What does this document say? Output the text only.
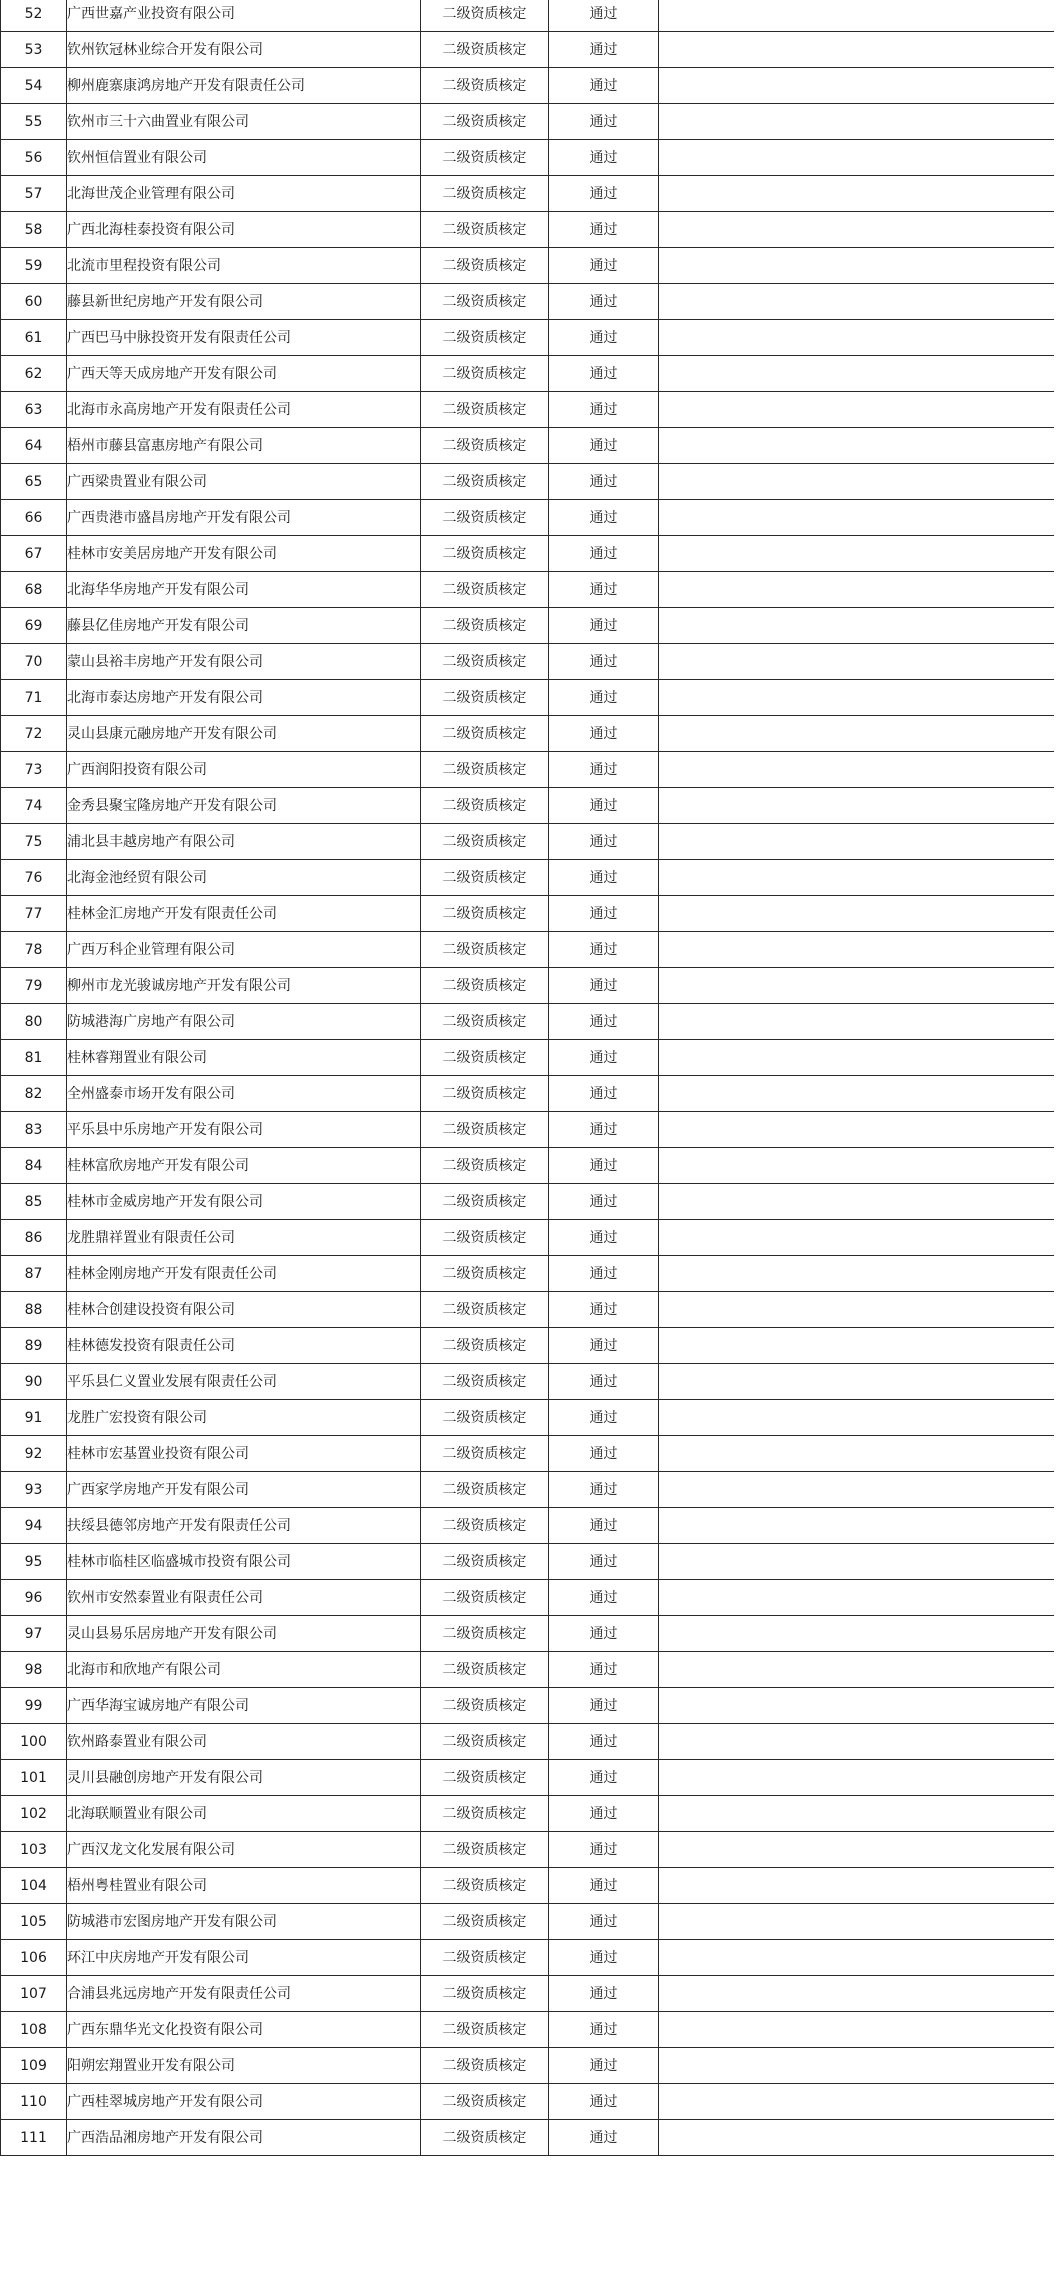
52	广西世嘉产业投资有限公司	二级资质核定	通过	
53	钦州钦冠林业综合开发有限公司	二级资质核定	通过	
54	柳州鹿寨康鸿房地产开发有限责任公司	二级资质核定	通过	
55	钦州市三十六曲置业有限公司	二级资质核定	通过	
56	钦州恒信置业有限公司	二级资质核定	通过	
57	北海世茂企业管理有限公司	二级资质核定	通过	
58	广西北海桂泰投资有限公司	二级资质核定	通过	
59	北流市里程投资有限公司	二级资质核定	通过	
60	藤县新世纪房地产开发有限公司	二级资质核定	通过	
61	广西巴马中脉投资开发有限责任公司	二级资质核定	通过	
62	广西天等天成房地产开发有限公司	二级资质核定	通过	
63	北海市永高房地产开发有限责任公司	二级资质核定	通过	
64	梧州市藤县富惠房地产有限公司	二级资质核定	通过	
65	广西梁贵置业有限公司	二级资质核定	通过	
66	广西贵港市盛昌房地产开发有限公司	二级资质核定	通过	
67	桂林市安美居房地产开发有限公司	二级资质核定	通过	
68	北海华华房地产开发有限公司	二级资质核定	通过	
69	藤县亿佳房地产开发有限公司	二级资质核定	通过	
70	蒙山县裕丰房地产开发有限公司	二级资质核定	通过	
71	北海市泰达房地产开发有限公司	二级资质核定	通过	
72	灵山县康元融房地产开发有限公司	二级资质核定	通过	
73	广西润阳投资有限公司	二级资质核定	通过	
74	金秀县聚宝隆房地产开发有限公司	二级资质核定	通过	
75	浦北县丰越房地产有限公司	二级资质核定	通过	
76	北海金池经贸有限公司	二级资质核定	通过	
77	桂林金汇房地产开发有限责任公司	二级资质核定	通过	
78	广西万科企业管理有限公司	二级资质核定	通过	
79	柳州市龙光骏诚房地产开发有限公司	二级资质核定	通过	
80	防城港海广房地产有限公司	二级资质核定	通过	
81	桂林睿翔置业有限公司	二级资质核定	通过	
82	全州盛泰市场开发有限公司	二级资质核定	通过	
83	平乐县中乐房地产开发有限公司	二级资质核定	通过	
84	桂林富欣房地产开发有限公司	二级资质核定	通过	
85	桂林市金威房地产开发有限公司	二级资质核定	通过	
86	龙胜鼎祥置业有限责任公司	二级资质核定	通过	
87	桂林金刚房地产开发有限责任公司	二级资质核定	通过	
88	桂林合创建设投资有限公司	二级资质核定	通过	
89	桂林德发投资有限责任公司	二级资质核定	通过	
90	平乐县仁义置业发展有限责任公司	二级资质核定	通过	
91	龙胜广宏投资有限公司	二级资质核定	通过	
92	桂林市宏基置业投资有限公司	二级资质核定	通过	
93	广西家学房地产开发有限公司	二级资质核定	通过	
94	扶绥县德邻房地产开发有限责任公司	二级资质核定	通过	
95	桂林市临桂区临盛城市投资有限公司	二级资质核定	通过	
96	钦州市安然泰置业有限责任公司	二级资质核定	通过	
97	灵山县易乐居房地产开发有限公司	二级资质核定	通过	
98	北海市和欣地产有限公司	二级资质核定	通过	
99	广西华海宝诚房地产有限公司	二级资质核定	通过	
100	钦州路泰置业有限公司	二级资质核定	通过	
101	灵川县融创房地产开发有限公司	二级资质核定	通过	
102	北海联顺置业有限公司	二级资质核定	通过	
103	广西汉龙文化发展有限公司	二级资质核定	通过	
104	梧州粤桂置业有限公司	二级资质核定	通过	
105	防城港市宏图房地产开发有限公司	二级资质核定	通过	
106	环江中庆房地产开发有限公司	二级资质核定	通过	
107	合浦县兆远房地产开发有限责任公司	二级资质核定	通过	
108	广西东鼎华光文化投资有限公司	二级资质核定	通过	
109	阳朔宏翔置业开发有限公司	二级资质核定	通过	
110	广西桂翠城房地产开发有限公司	二级资质核定	通过	
111	广西浩品湘房地产开发有限公司	二级资质核定	通过	
